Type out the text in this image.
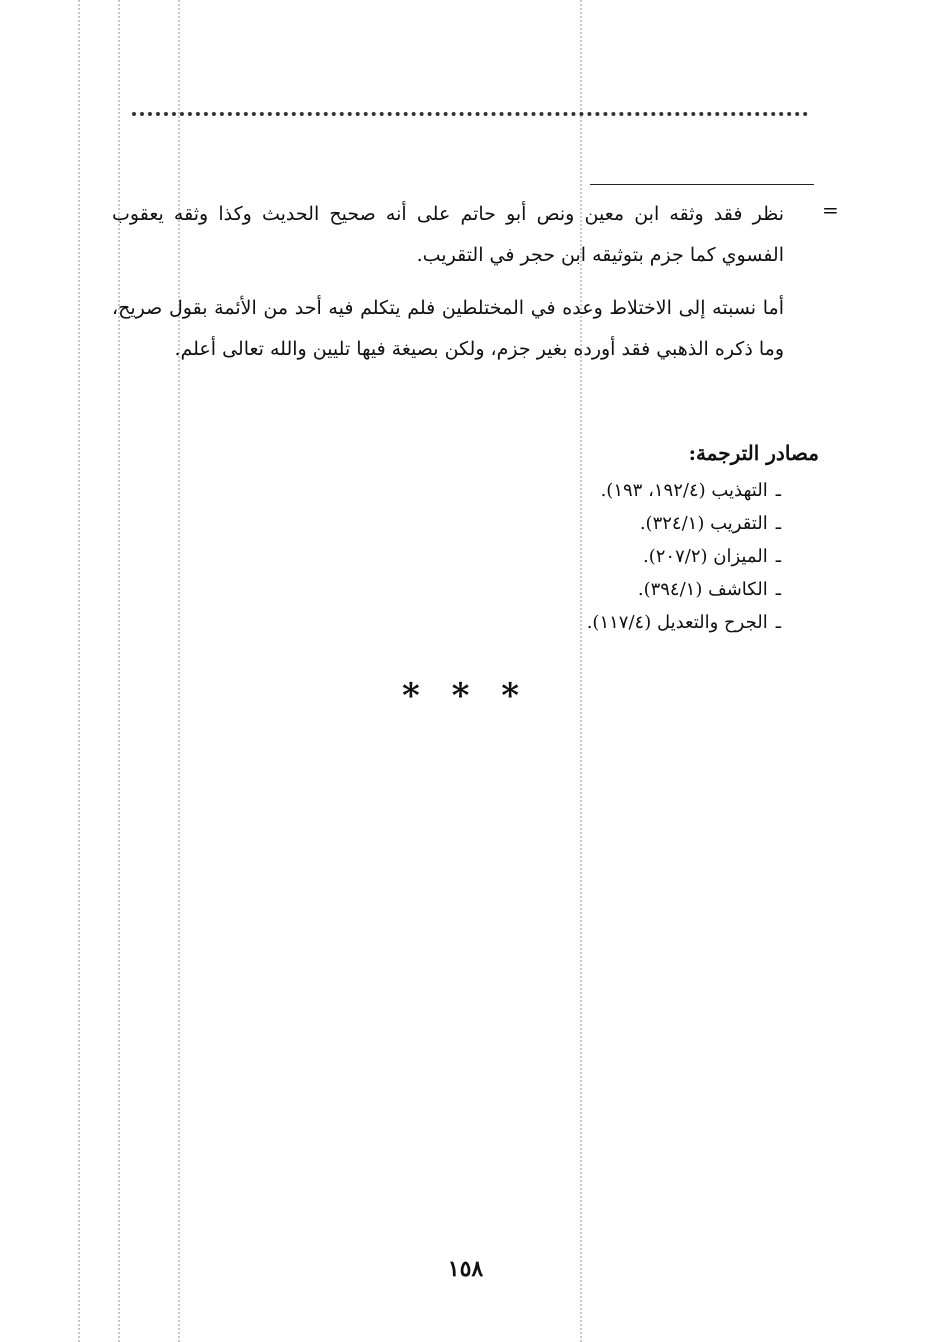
=

نظر فقد وثقه ابن معين ونص أبو حاتم على أنه صحيح الحديث وكذا وثقه يعقوب الفسوي كما جزم بتوثيقه ابن حجر في التقريب.

أما نسبته إلى الاختلاط وعده في المختلطين فلم يتكلم فيه أحد من الأئمة بقول صريح، وما ذكره الذهبي فقد أورده بغير جزم، ولكن بصيغة فيها تليين والله تعالى أعلم.

مصادر الترجمة:
ـالتهذيب (١٩٢/٤، ١٩٣).
ـالتقريب (٣٢٤/١).
ـالميزان (٢٠٧/٢).
ـالكاشف (٣٩٤/١).
ـالجرح والتعديل (١١٧/٤).
* * *
١٥٨
